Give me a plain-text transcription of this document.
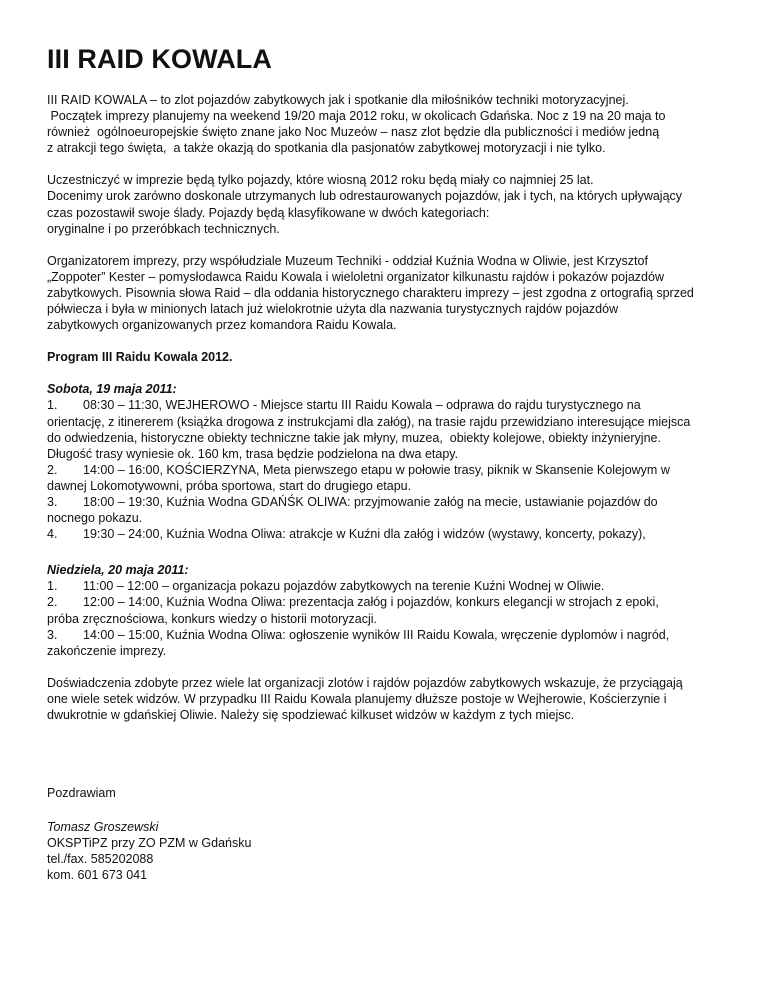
III RAID KOWALA

III RAID KOWALA – to zlot pojazdów zabytkowych jak i spotkanie dla miłośników techniki motoryzacyjnej.
Początek imprezy planujemy na weekend 19/20 maja 2012 roku, w okolicach Gdańska. Noc z 19 na 20 maja to
również  ogólnoeuropejskie święto znane jako Noc Muzeów – nasz zlot będzie dla publiczności i mediów jedną
z atrakcji tego święta,  a także okazją do spotkania dla pasjonatów zabytkowej motoryzacji i nie tylko.

Uczestniczyć w imprezie będą tylko pojazdy, które wiosną 2012 roku będą miały co najmniej 25 lat.
Docenimy urok zarówno doskonale utrzymanych lub odrestaurowanych pojazdów, jak i tych, na których upływający
czas pozostawił swoje ślady. Pojazdy będą klasyfikowane w dwóch kategoriach:
oryginalne i po przeróbkach technicznych.

Organizatorem imprezy, przy współudziale Muzeum Techniki - oddział Kuźnia Wodna w Oliwie, jest Krzysztof
„Zoppoter” Kester – pomysłodawca Raidu Kowala i wieloletni organizator kilkunastu rajdów i pokazów pojazdów
zabytkowych. Pisownia słowa Raid – dla oddania historycznego charakteru imprezy – jest zgodna z ortografią sprzed
półwiecza i była w minionych latach już wielokrotnie użyta dla nazwania turystycznych rajdów pojazdów
zabytkowych organizowanych przez komandora Raidu Kowala.

Program III Raidu Kowala 2012.

Sobota, 19 maja 2011:
1. 08:30 – 11:30, WEJHEROWO - Miejsce startu III Raidu Kowala – odprawa do rajdu turystycznego na
orientację, z itinererem (książka drogowa z instrukcjami dla załóg), na trasie rajdu przewidziano interesujące miejsca
do odwiedzenia, historyczne obiekty techniczne takie jak młyny, muzea,  obiekty kolejowe, obiekty inżynieryjne.
Długość trasy wyniesie ok. 160 km, trasa będzie podzielona na dwa etapy.
2. 14:00 – 16:00, KOŚCIERZYNA, Meta pierwszego etapu w połowie trasy, piknik w Skansenie Kolejowym w
dawnej Lokomotywowni, próba sportowa, start do drugiego etapu.
3. 18:00 – 19:30, Kuźnia Wodna GDAŃŚK OLIWA: przyjmowanie załóg na mecie, ustawianie pojazdów do
nocnego pokazu.
4. 19:30 – 24:00, Kuźnia Wodna Oliwa: atrakcje w Kuźni dla załóg i widzów (wystawy, koncerty, pokazy),

Niedziela, 20 maja 2011:
1. 11:00 – 12:00 – organizacja pokazu pojazdów zabytkowych na terenie Kuźni Wodnej w Oliwie.
2. 12:00 – 14:00, Kuźnia Wodna Oliwa: prezentacja załóg i pojazdów, konkurs elegancji w strojach z epoki,
próba zręcznościowa, konkurs wiedzy o historii motoryzacji.
3. 14:00 – 15:00, Kuźnia Wodna Oliwa: ogłoszenie wyników III Raidu Kowala, wręczenie dyplomów i nagród,
zakończenie imprezy.

Doświadczenia zdobyte przez wiele lat organizacji zlotów i rajdów pojazdów zabytkowych wskazuje, że przyciągają
one wiele setek widzów. W przypadku III Raidu Kowala planujemy dłuższe postoje w Wejherowie, Kościerzynie i
dwukrotnie w gdańskiej Oliwie. Należy się spodziewać kilkuset widzów w każdym z tych miejsc.

Pozdrawiam

Tomasz Groszewski
OKSPTiPZ przy ZO PZM w Gdańsku
tel./fax. 585202088
kom. 601 673 041
